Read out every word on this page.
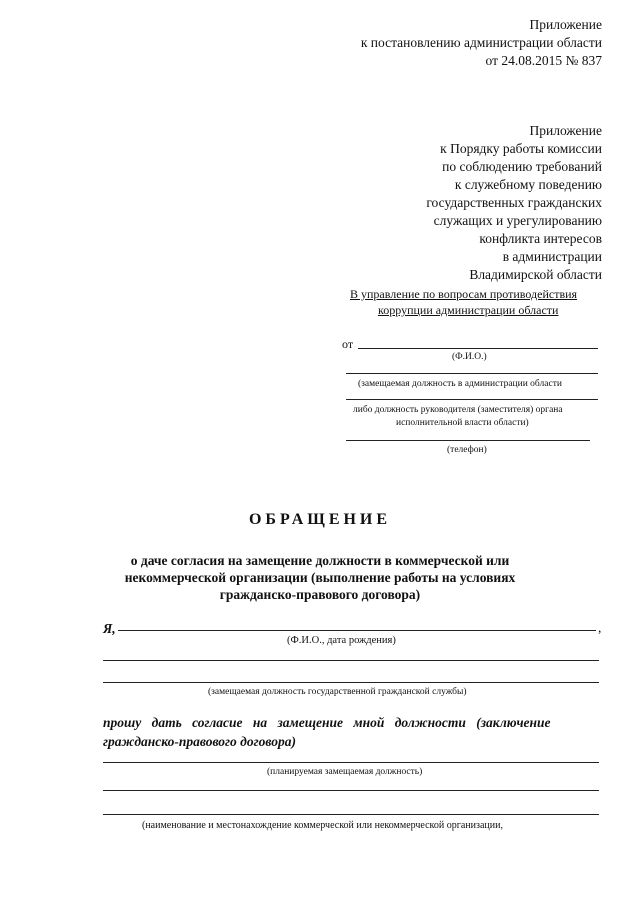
Приложение
к постановлению администрации области
от 24.08.2015 № 837
Приложение
к Порядку работы комиссии
по соблюдению требований
к служебному поведению
государственных гражданских
служащих и урегулированию
конфликта интересов
в администрации
Владимирской области
В управление по вопросам противодействия
коррупции администрации области
от
(Ф.И.О.)
(замещаемая должность в администрации области
либо должность руководителя (заместителя) органа
исполнительной власти области)
(телефон)
ОБРАЩЕНИЕ
о даче согласия на замещение должности в коммерческой или
некоммерческой организации (выполнение работы на условиях
гражданско-правового договора)
Я,	,
(Ф.И.О., дата рождения)
(замещаемая должность государственной гражданской службы)
прошу дать согласие на замещение мной должности (заключение
гражданско-правового договора)
(планируемая замещаемая должность)
(наименование и местонахождение коммерческой или некоммерческой организации,
